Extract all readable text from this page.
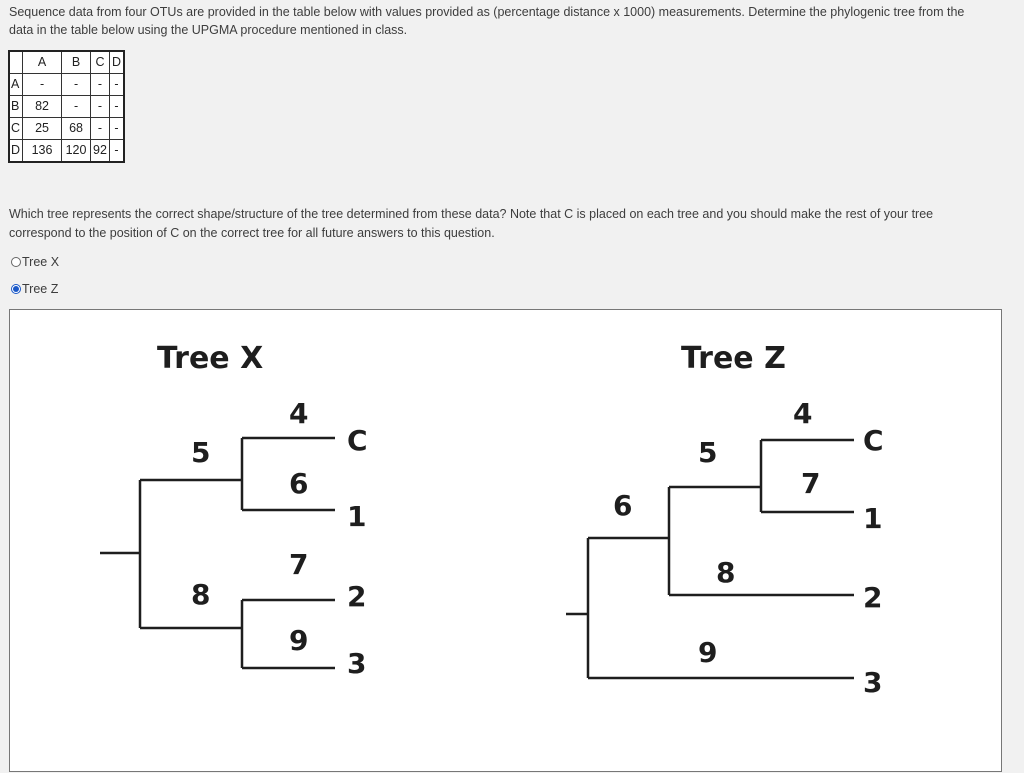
Sequence data from four OTUs are provided in the table below with values provided as (percentage distance x 1000) measurements. Determine the phylogenic tree from the
data in the table below using the UPGMA procedure mentioned in class.
	A	B	C	D
A	-	-	-	-
B	82	-	-	-
C	25	68	-	-
D	136	120	92	-
Which tree represents the correct shape/structure of the tree determined from these data? Note that C is placed on each tree and you should make the rest of your tree
correspond to the position of C on the correct tree for all future answers to this question.
Tree X
Tree Z
Tree X
4
5
6
7
8
9
C
1
2
3
Tree Z
4
5
6
7
8
9
C
1
2
3
